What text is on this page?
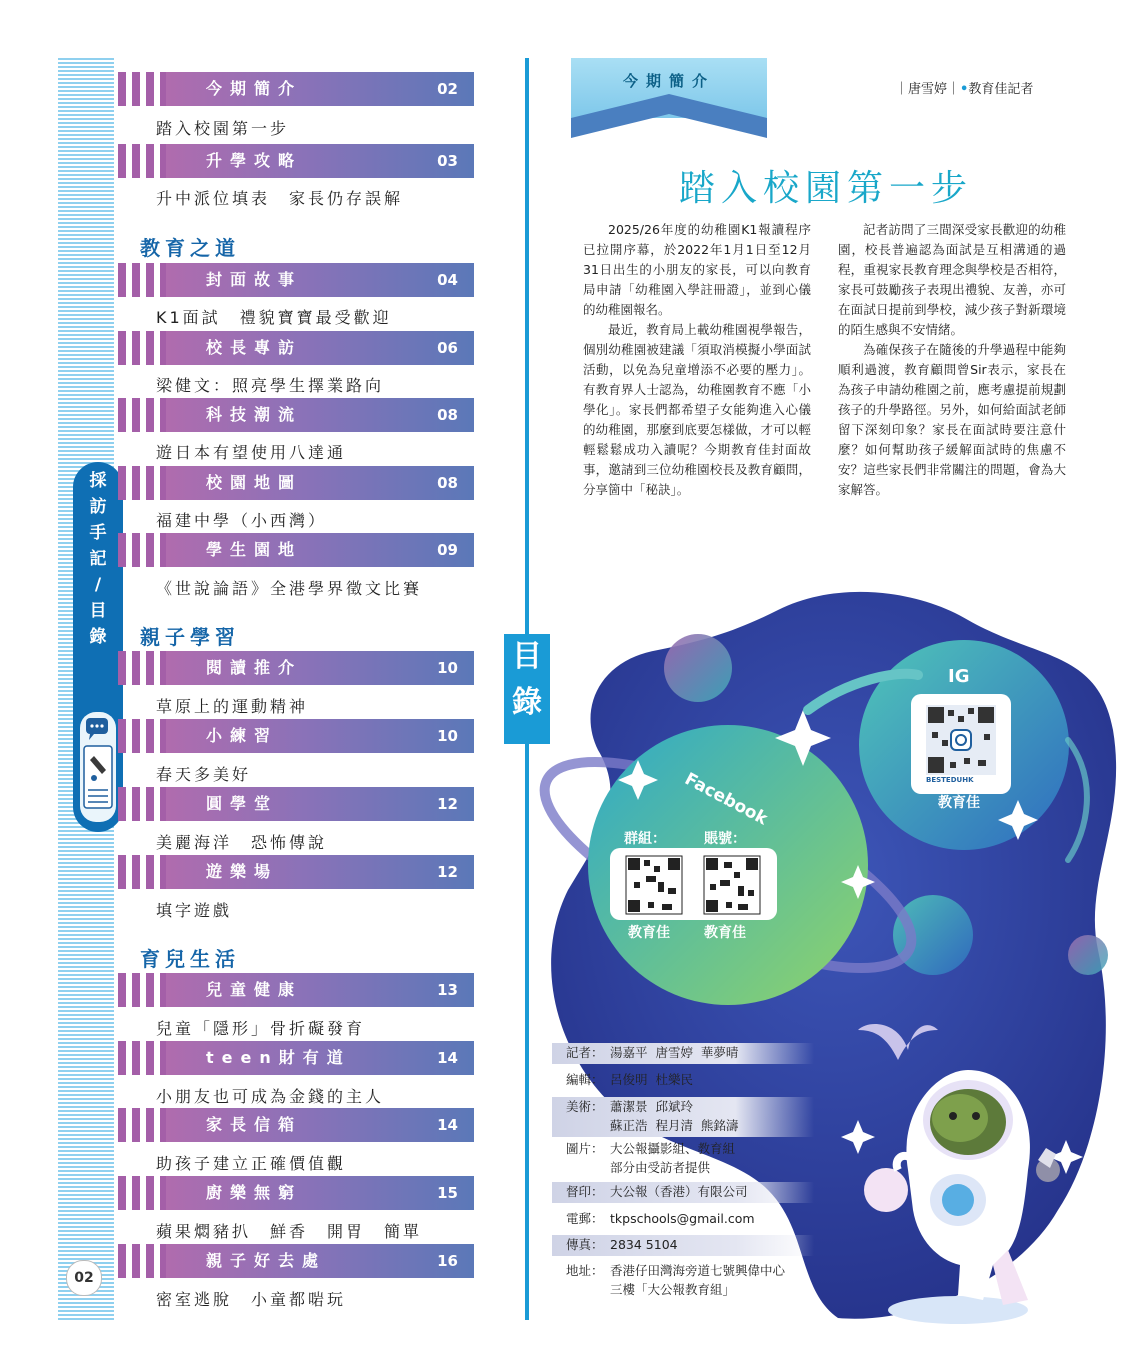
採
訪
手
記
/
目
錄
02
今期簡介	02
踏入校園第一步
升學攻略	03
升中派位填表　家長仍存誤解
教育之道
封面故事	04
K1面試　禮貌寶寶最受歡迎
校長專訪	06
梁健文：照亮學生擇業路向
科技潮流	08
遊日本有望使用八達通
校園地圖	08
福建中學（小西灣）
學生園地	09
《世說論語》全港學界徵文比賽
親子學習
閱讀推介	10
草原上的運動精神
小練習	10
春天多美好
圓學堂	12
美麗海洋　恐怖傳說
遊樂場	12
填字遊戲
育兒生活
兒童健康	13
兒童「隱形」骨折礙發育
teen財有道	14
小朋友也可成為金錢的主人
家長信箱	14
助孩子建立正確價值觀
廚樂無窮	15
蘋果燜豬扒　鮮香　開胃　簡單
親子好去處	16
密室逃脫　小童都啱玩
目
錄
今期簡介	｜唐雪婷｜•教育佳記者
踏入校園第一步

2025/26年度的幼稚園K1報讀程序已拉開序幕，於2022年1月1日至12月31日出生的小朋友的家長，可以向教育局申請「幼稚園入學註冊證」，並到心儀的幼稚園報名。

最近，教育局上載幼稚園視學報告，個別幼稚園被建議「須取消模擬小學面試活動，以免為兒童增添不必要的壓力」。有教育界人士認為，幼稚園教育不應「小學化」。家長們都希望子女能夠進入心儀的幼稚園，那麼到底要怎樣做，才可以輕輕鬆鬆成功入讀呢？今期教育佳封面故事，邀請到三位幼稚園校長及教育顧問，分享箇中「秘訣」。

記者訪問了三間深受家長歡迎的幼稚園，校長普遍認為面試是互相溝通的過程，重視家長教育理念與學校是否相符，家長可鼓勵孩子表現出禮貌、友善，亦可在面試日提前到學校，減少孩子對新環境的陌生感與不安情緒。

為確保孩子在隨後的升學過程中能夠順利過渡，教育顧問曾Sir表示，家長在為孩子申請幼稚園之前，應考慮提前規劃孩子的升學路徑。另外，如何給面試老師留下深刻印象？家長在面試時要注意什麼？如何幫助孩子緩解面試時的焦慮不安？這些家長們非常關注的問題，會為大家解答。

Facebook
群組：	賬號：
教育佳 教育佳
IG
BESTEDUHK
教育佳
記者： 湯嘉平  唐雪婷  華夢晴
編輯： 呂俊明  杜樂民
美術： 蕭潔景  邱斌玲
蘇正浩  程月清  熊銘濤
圖片： 大公報攝影組、教育組
部分由受訪者提供
督印： 大公報（香港）有限公司
電郵： tkpschools@gmail.com
傳真： 2834 5104
地址： 香港仔田灣海旁道七號興偉中心
三樓「大公報教育組」
